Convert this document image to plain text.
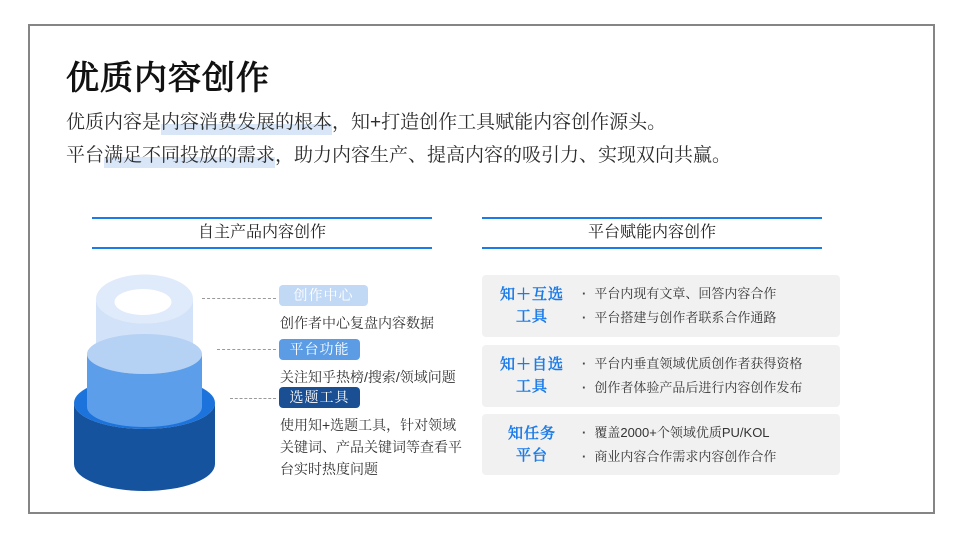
优质内容创作
优质内容是内容消费发展的根本，知+打造创作工具赋能内容创作源头。
平台满足不同投放的需求，助力内容生产、提高内容的吸引力、实现双向共赢。
自主产品内容创作	平台赋能内容创作
创作中心
创作者中心复盘内容数据
平台功能
关注知乎热榜/搜索/领域问题
选题工具
使用知+选题工具，针对领域关键词、产品关键词等查看平台实时热度问题
知＋互选
工具
· 平台内现有文章、回答内容合作
· 平台搭建与创作者联系合作通路
知＋自选
工具
· 平台内垂直领域优质创作者获得资格
· 创作者体验产品后进行内容创作发布
知任务
平台
· 覆盖2000+个领域优质PU/KOL
· 商业内容合作需求内容创作合作
